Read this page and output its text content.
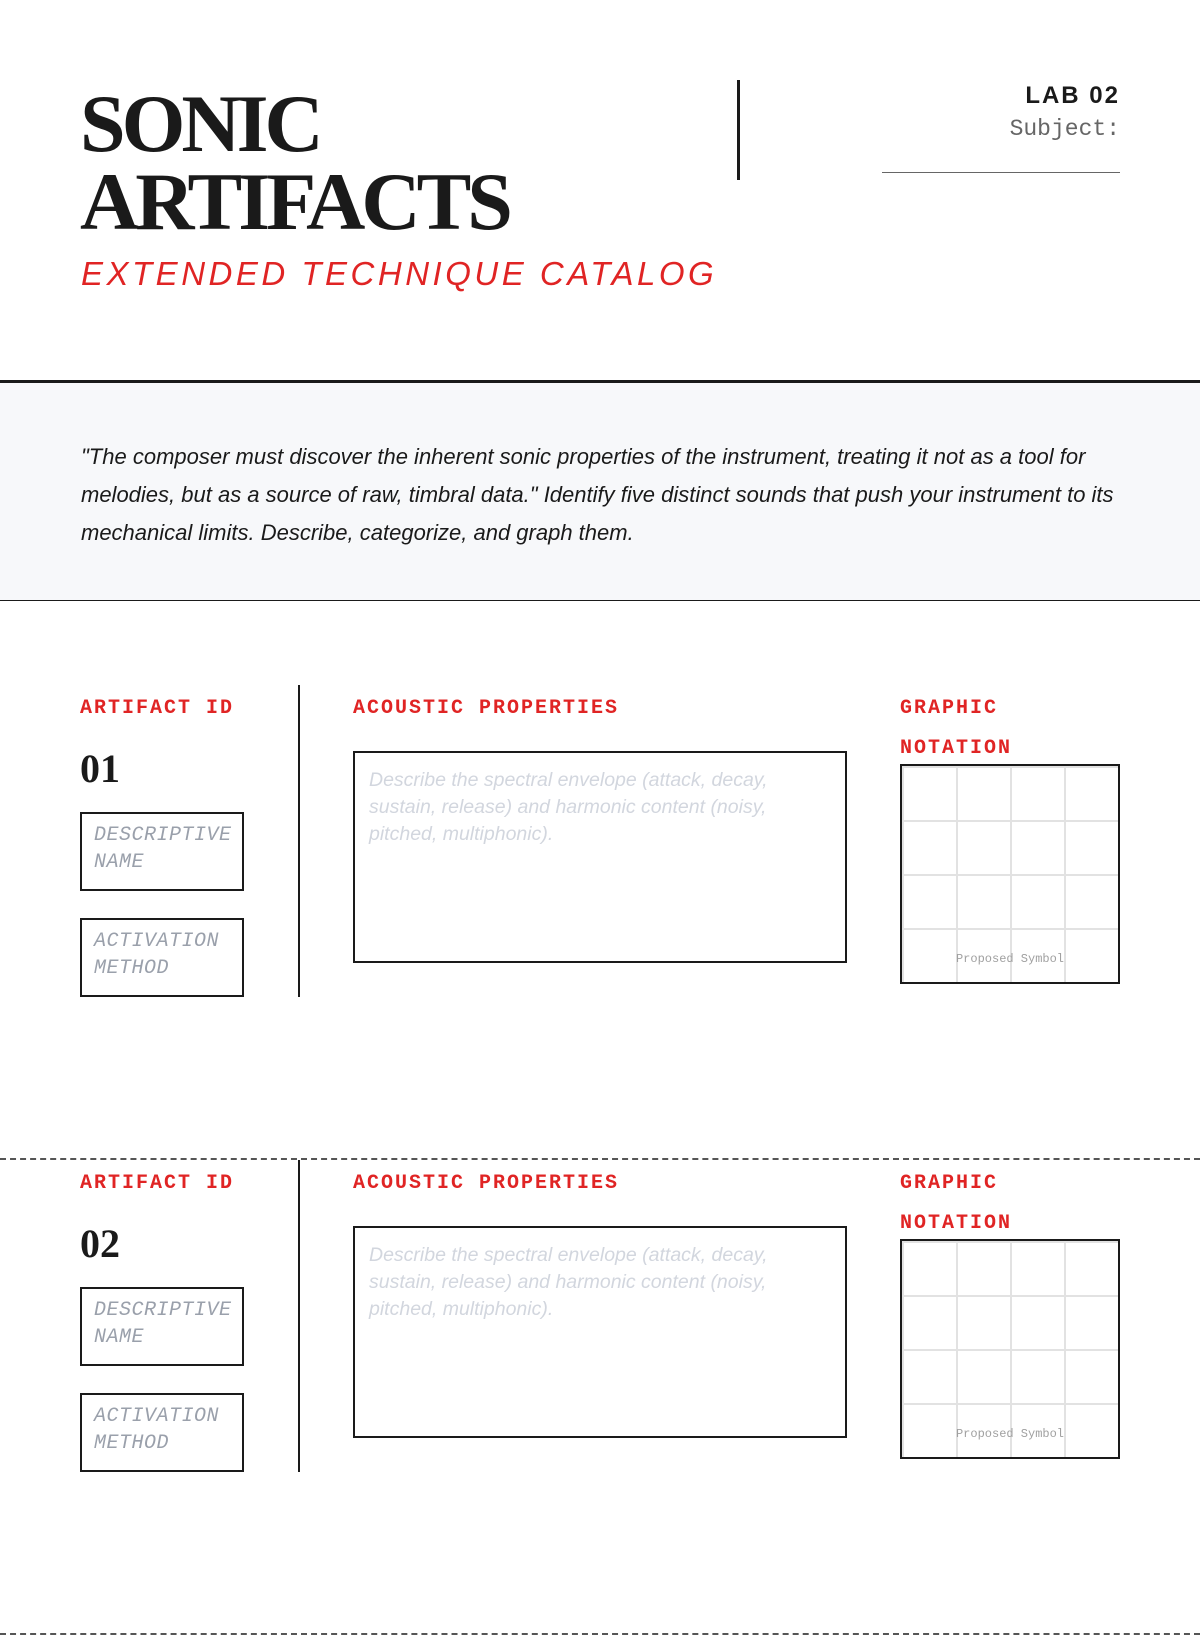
SONIC
ARTIFACTS
EXTENDED TECHNIQUE CATALOG
LAB 02
Subject:

"The composer must discover the inherent sonic properties of the instrument, treating it not as a tool for melodies, but as a source of raw, timbral data." Identify five distinct sounds that push your instrument to its mechanical limits. Describe, categorize, and graph them.

ARTIFACT ID
01
DESCRIPTIVE NAME
ACTIVATION METHOD
ACOUSTIC PROPERTIES
Describe the spectral envelope (attack, decay, sustain, release) and harmonic content (noisy, pitched, multiphonic).
GRAPHIC
NOTATION
Proposed Symbol
ARTIFACT ID
02
DESCRIPTIVE NAME
ACTIVATION METHOD
ACOUSTIC PROPERTIES
Describe the spectral envelope (attack, decay, sustain, release) and harmonic content (noisy, pitched, multiphonic).
GRAPHIC
NOTATION
Proposed Symbol
